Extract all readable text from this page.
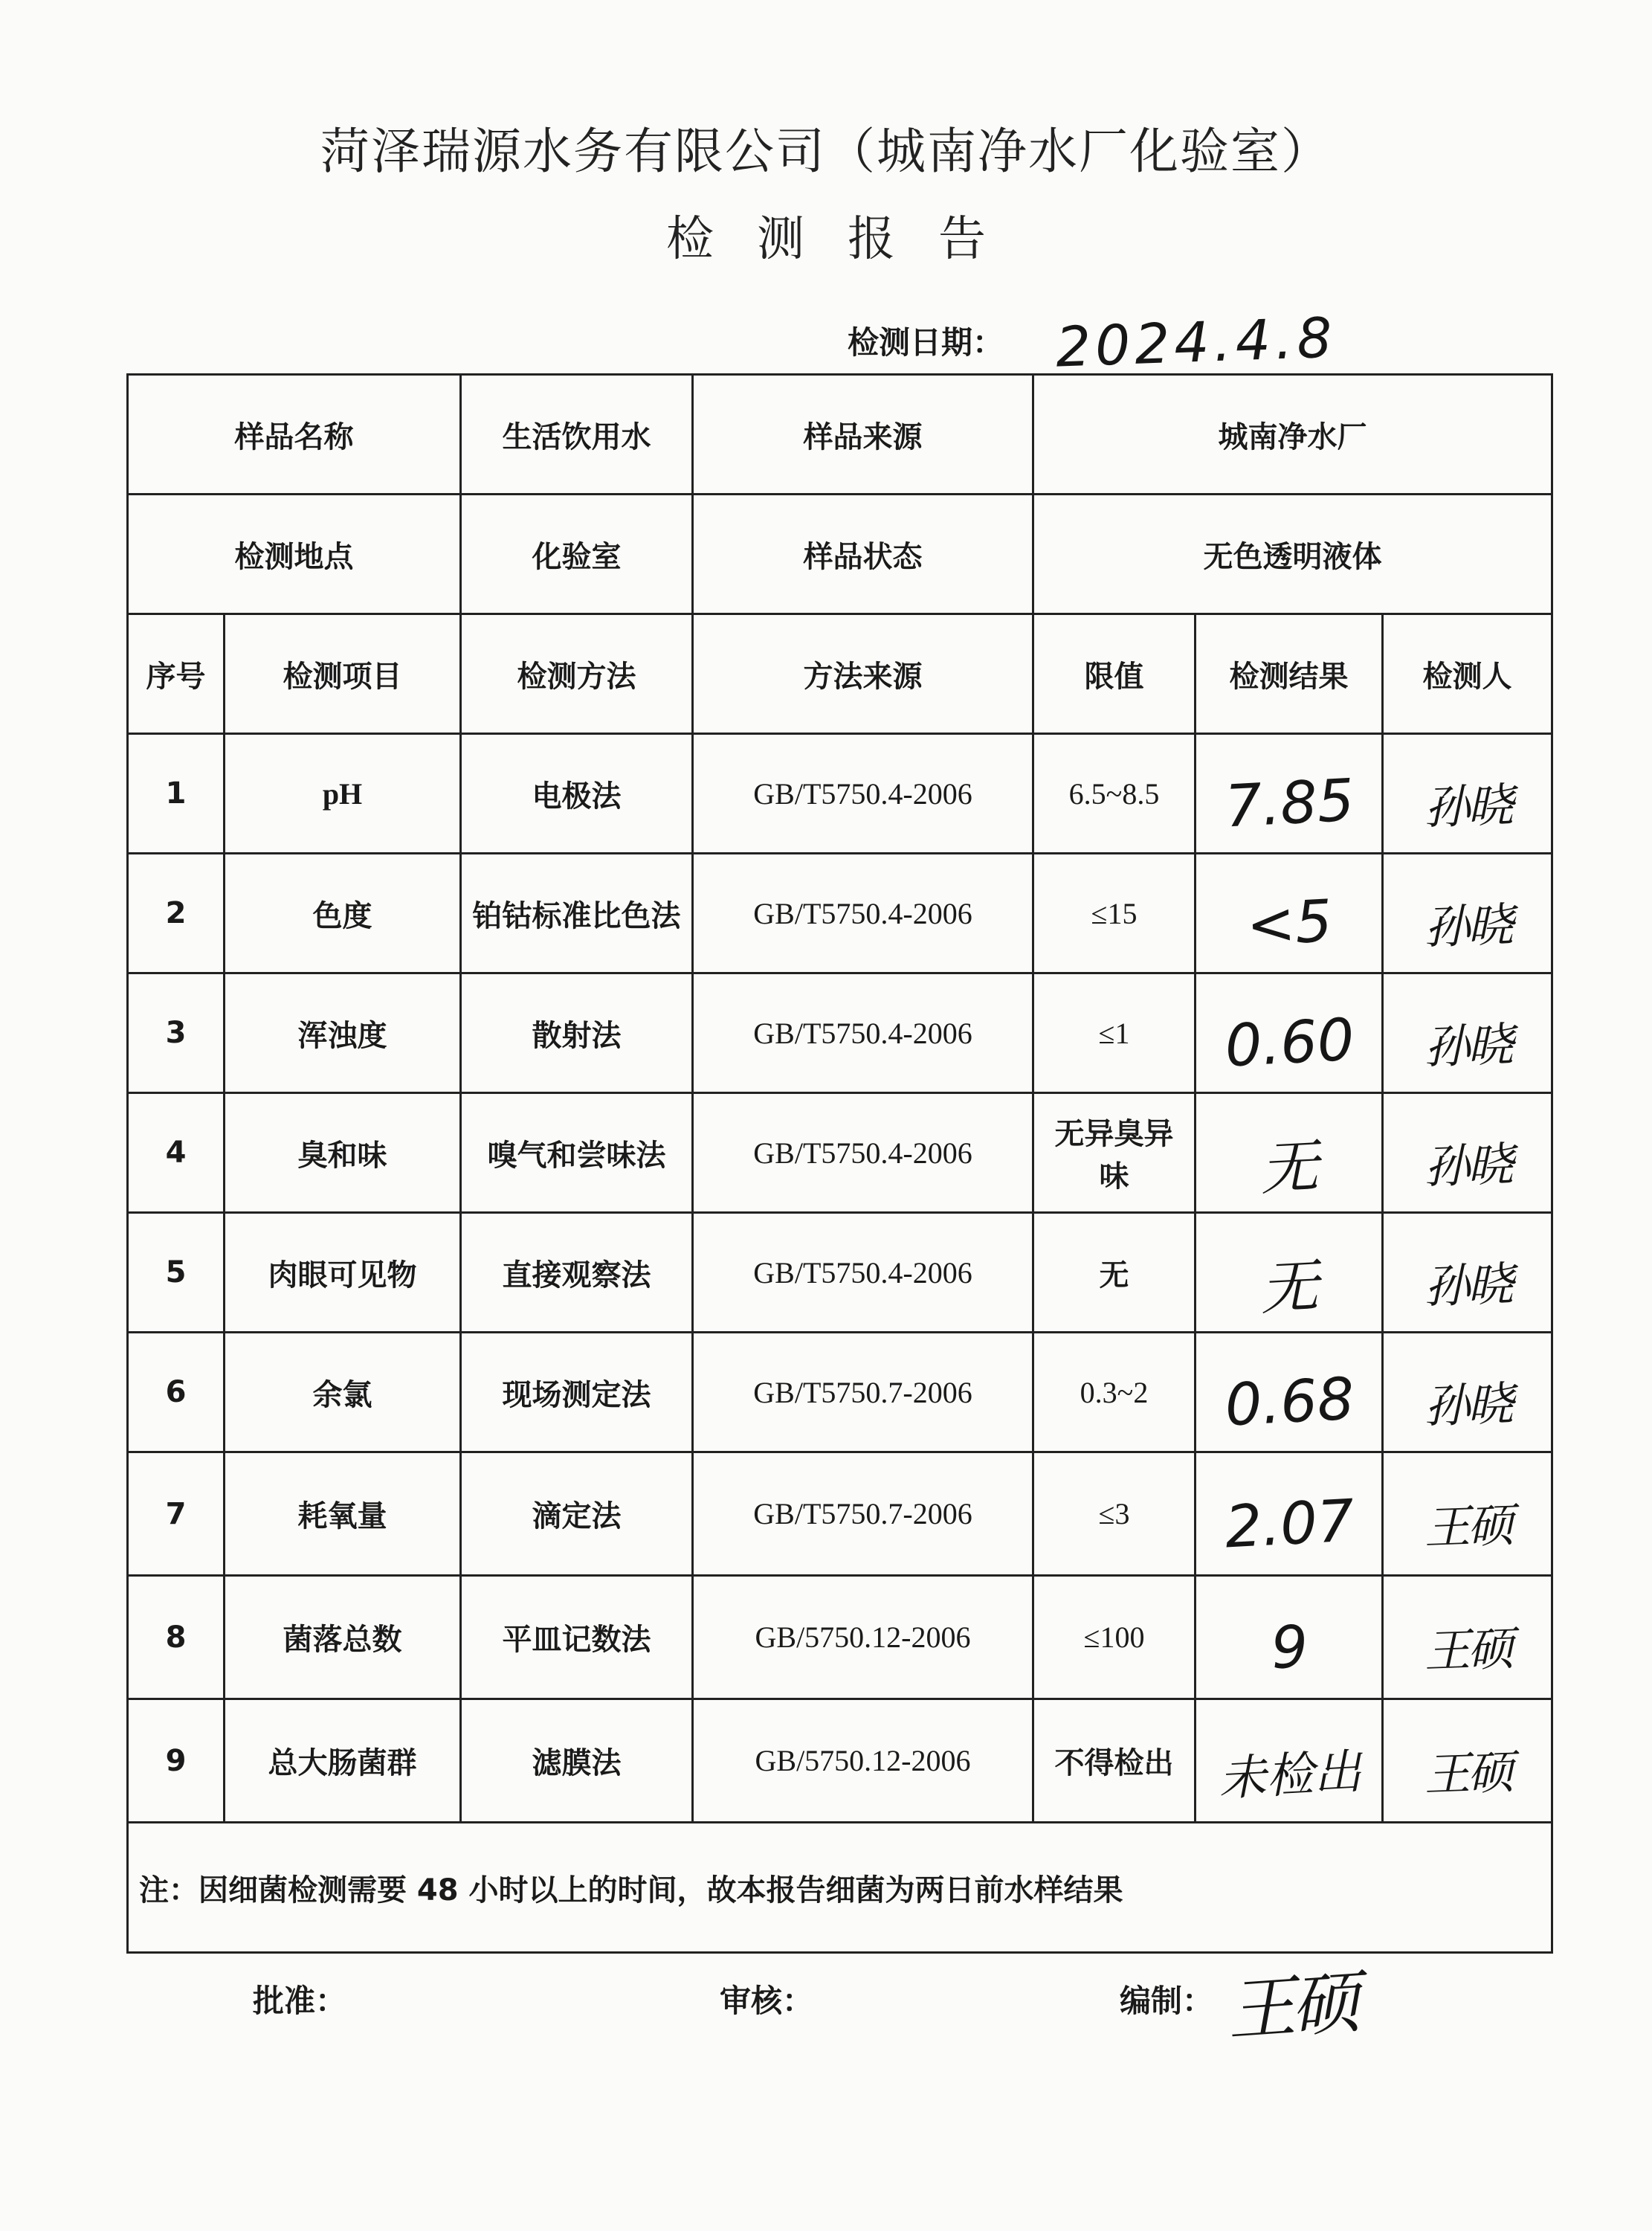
菏泽瑞源水务有限公司（城南净水厂化验室）
检测报告
检测日期： 2024.4.8
样品名称		生活饮用水	样品来源	城南净水厂		
检测地点		化验室	样品状态	无色透明液体		
序号	检测项目	检测方法	方法来源	限值	检测结果	检测人
1	pH	电极法	GB/T5750.4-2006	6.5~8.5	7.85	孙晓
2	色度	铂钴标准比色法	GB/T5750.4-2006	≤15	<5	孙晓
3	浑浊度	散射法	GB/T5750.4-2006	≤1	0.60	孙晓
4	臭和味	嗅气和尝味法	GB/T5750.4-2006	无异臭异味	无	孙晓
5	肉眼可见物	直接观察法	GB/T5750.4-2006	无	无	孙晓
6	余氯	现场测定法	GB/T5750.7-2006	0.3~2	0.68	孙晓
7	耗氧量	滴定法	GB/T5750.7-2006	≤3	2.07	王硕
8	菌落总数	平皿记数法	GB/5750.12-2006	≤100	9	王硕
9	总大肠菌群	滤膜法	GB/5750.12-2006	不得检出	未检出	王硕
注：因细菌检测需要 48 小时以上的时间，故本报告细菌为两日前水样结果						
批准：	审核：	编制： 王硕
